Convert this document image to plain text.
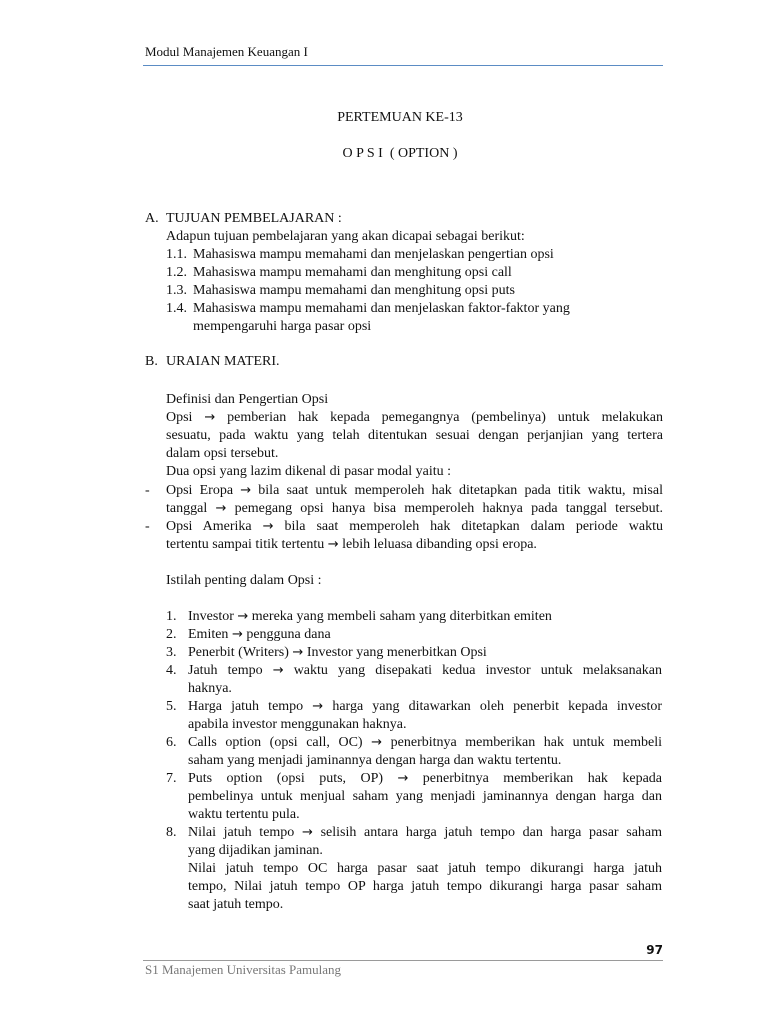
Modul Manajemen Keuangan I
PERTEMUAN KE-13
O P S I  ( OPTION )
A. TUJUAN PEMBELAJARAN :
Adapun tujuan pembelajaran yang akan dicapai sebagai berikut:
1.1. Mahasiswa mampu memahami dan menjelaskan pengertian opsi
1.2. Mahasiswa mampu memahami dan menghitung opsi call
1.3. Mahasiswa mampu memahami dan menghitung opsi puts
1.4. Mahasiswa mampu memahami dan menjelaskan faktor-faktor yang
mempengaruhi harga pasar opsi
B. URAIAN MATERI.
Definisi dan Pengertian Opsi
Opsi → pemberian hak kepada pemegangnya (pembelinya) untuk melakukan
sesuatu, pada waktu yang telah ditentukan sesuai dengan perjanjian yang tertera
dalam opsi tersebut.
Dua opsi yang lazim dikenal di pasar modal yaitu :
- Opsi Eropa → bila saat untuk memperoleh hak ditetapkan pada titik waktu, misal
tanggal → pemegang opsi hanya bisa memperoleh haknya pada tanggal tersebut.
- Opsi Amerika → bila saat memperoleh hak ditetapkan dalam periode waktu
tertentu sampai titik tertentu → lebih leluasa dibanding opsi eropa.
Istilah penting dalam Opsi :
1. Investor → mereka yang membeli saham yang diterbitkan emiten
2. Emiten → pengguna dana
3. Penerbit (Writers) → Investor yang menerbitkan Opsi
4. Jatuh tempo → waktu yang disepakati kedua investor untuk melaksanakan
haknya.
5. Harga jatuh tempo → harga yang ditawarkan oleh penerbit kepada investor
apabila investor menggunakan haknya.
6. Calls option (opsi call, OC) → penerbitnya memberikan hak untuk membeli
saham yang menjadi jaminannya dengan harga dan waktu tertentu.
7. Puts option (opsi puts, OP) → penerbitnya memberikan hak kepada
pembelinya untuk menjual saham yang menjadi jaminannya dengan harga dan
waktu tertentu pula.
8. Nilai jatuh tempo → selisih antara harga jatuh tempo dan harga pasar saham
yang dijadikan jaminan.
Nilai jatuh tempo OC harga pasar saat jatuh tempo dikurangi harga jatuh
tempo, Nilai jatuh tempo OP harga jatuh tempo dikurangi harga pasar saham
saat jatuh tempo.
97
S1 Manajemen Universitas Pamulang
